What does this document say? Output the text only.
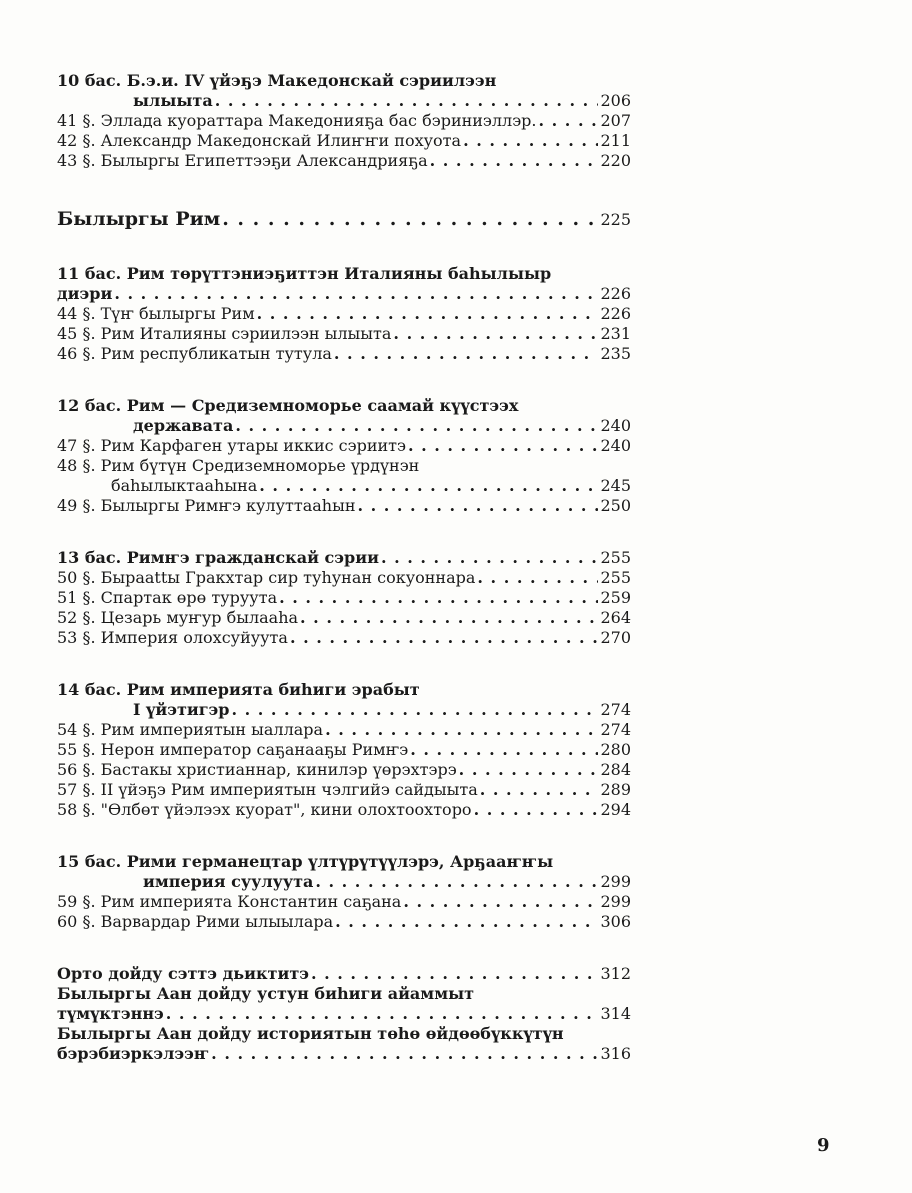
10 бас. Б.э.и. IV үйэҕэ Македонскай сэриилээн
ылыыта . . .	206
41 §. Эллада куораттара Македонияҕа бас бэриниэллэр. . . .	207
42 §. Александр Македонскай Илиҥҥи похуота . . .	211
43 §. Былыргы Египеттээҕи Александрияҕа . . .	220
Былыргы Рим . . .	225
11 бас. Рим төрүттэниэҕиттэн Италияны баһылыыр
диэри . . .	226
44 §. Түҥ былыргы Рим . . .	226
45 §. Рим Италияны сэриилээн ылыыта . . .	231
46 §. Рим республикатын тутула . . .	235
12 бас. Рим — Средиземноморье саамай күүстээх
державата . . .	240
47 §. Рим Карфаген утары иккис сэриитэ . . .	240
48 §. Рим бүтүн Средиземноморье үрдүнэн
баһылыктааһына . . .	245
49 §. Былыргы Римҥэ кулуттааһын . . .	250
13 бас. Римҥэ гражданскай сэрии . . .	255
50 §. Быраattы Гракхтар сир туһунан сокуоннара . . .	255
51 §. Спартак өрө туруута . . .	259
52 §. Цезарь муҥур былааһа . . .	264
53 §. Империя олохсуйуута . . .	270
14 бас. Рим империята биһиги эрабыт
I үйэтигэр . . .	274
54 §. Рим империятын ыаллара . . .	274
55 §. Нерон император саҕанааҕы Римҥэ . . .	280
56 §. Бастакы христианнар, кинилэр үөрэхтэрэ . . .	284
57 §. II үйэҕэ Рим империятын чэлгийэ сайдыыта . . .	289
58 §. "Өлбөт үйэлээх куорат", кини олохтоохторо . . .	294
15 бас. Рими германецтар үлтүрүтүүлэрэ, Арҕааҥҥы
империя суулуута . . .	299
59 §. Рим империята Константин саҕана . . .	299
60 §. Варвардар Рими ылыылара . . .	306
Орто дойду сэттэ дьиктитэ . . .	312
Былыргы Аан дойду устун биһиги айаммыт
түмүктэннэ . . .	314
Былыргы Аан дойду историятын төһө өйдөөбүккүтүн
бэрэбиэркэлээҥ . . .	316
9
